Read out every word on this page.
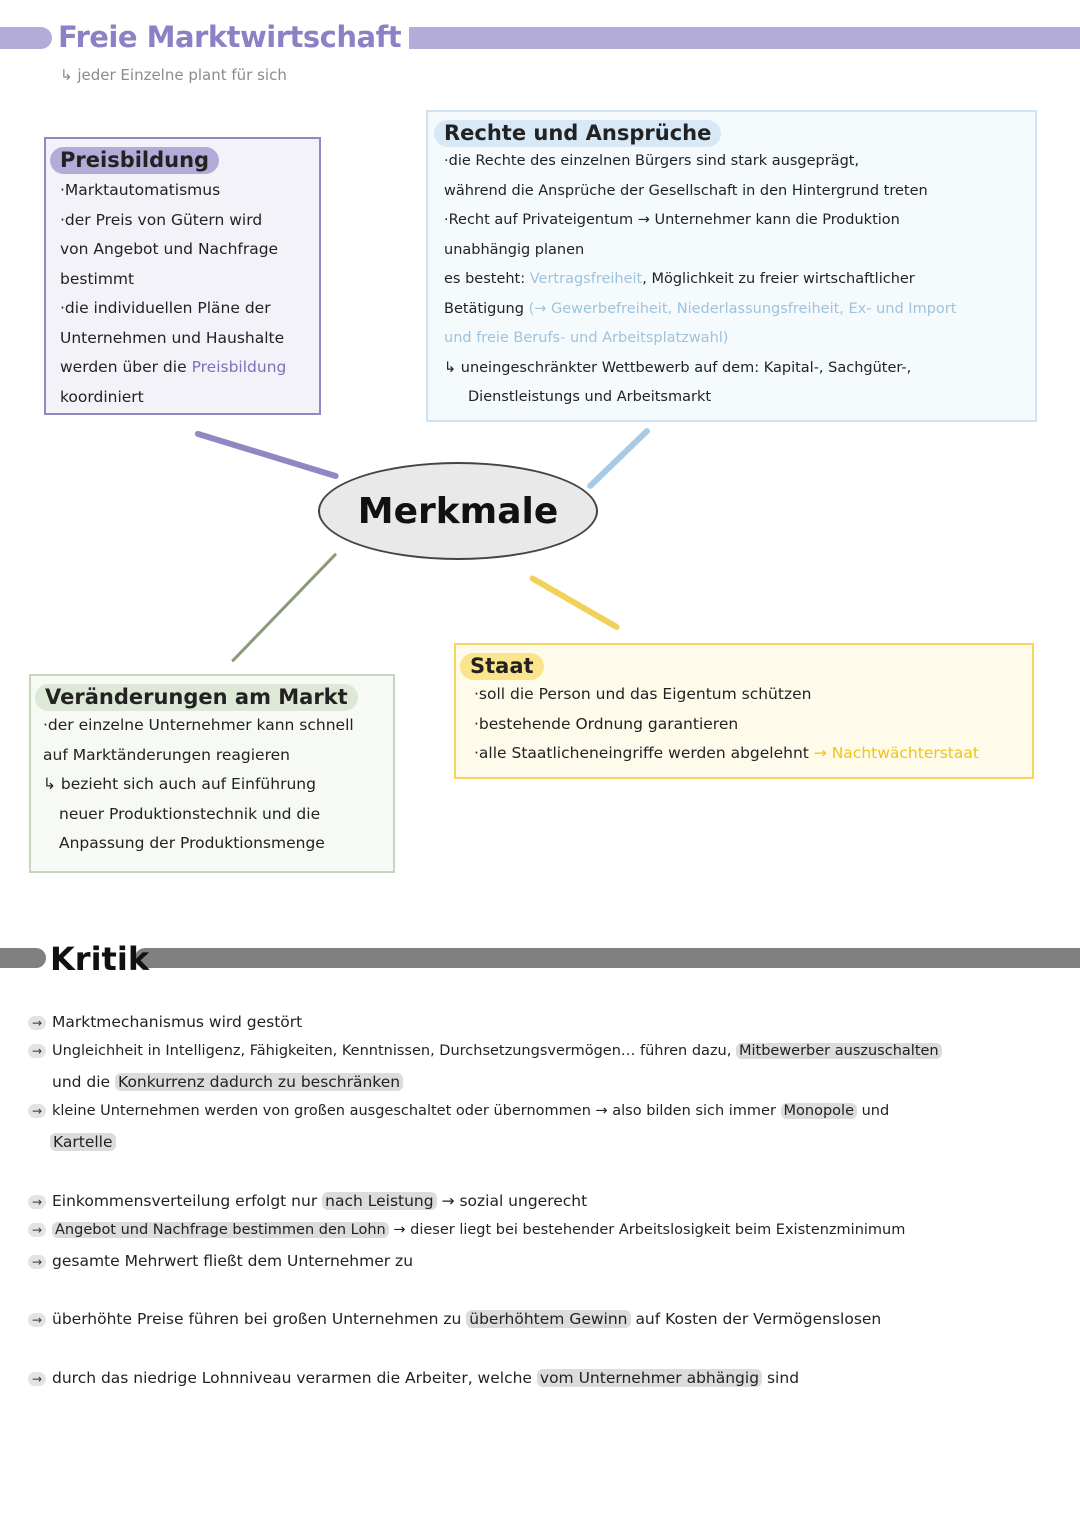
Freie Marktwirtschaft
↳ jeder Einzelne plant für sich
Preisbildung

·Marktautomatismus

·der Preis von Gütern wird

von Angebot und Nachfrage

bestimmt

·die individuellen Pläne der

Unternehmen und Haushalte

werden über die Preisbildung

koordiniert

Rechte und Ansprüche

·die Rechte des einzelnen Bürgers sind stark ausgeprägt,

während die Ansprüche der Gesellschaft in den Hintergrund treten

·Recht auf Privateigentum → Unternehmer kann die Produktion

unabhängig planen

es besteht: Vertragsfreiheit, Möglichkeit zu freier wirtschaftlicher

Betätigung (→ Gewerbefreiheit, Niederlassungsfreiheit, Ex- und Import

und freie Berufs- und Arbeitsplatzwahl)

↳ uneingeschränkter Wettbewerb auf dem: Kapital-, Sachgüter-,

Dienstleistungs und Arbeitsmarkt

Merkmale
Veränderungen am Markt

·der einzelne Unternehmer kann schnell

auf Marktänderungen reagieren

↳ bezieht sich auch auf Einführung

neuer Produktionstechnik und die

Anpassung der Produktionsmenge

Staat

·soll die Person und das Eigentum schützen

·bestehende Ordnung garantieren

·alle Staatlicheneingriffe werden abgelehnt → Nachtwächterstaat

Kritik
→ Marktmechanismus wird gestört
→ Ungleichheit in Intelligenz, Fähigkeiten, Kenntnissen, Durchsetzungsvermögen… führen dazu, Mitbewerber auszuschalten
und die Konkurrenz dadurch zu beschränken
→ kleine Unternehmen werden von großen ausgeschaltet oder übernommen → also bilden sich immer Monopole und
Kartelle
→ Einkommensverteilung erfolgt nur nach Leistung → sozial ungerecht
→ Angebot und Nachfrage bestimmen den Lohn → dieser liegt bei bestehender Arbeitslosigkeit beim Existenzminimum
→ gesamte Mehrwert fließt dem Unternehmer zu
→ überhöhte Preise führen bei großen Unternehmen zu überhöhtem Gewinn auf Kosten der Vermögenslosen
→ durch das niedrige Lohnniveau verarmen die Arbeiter, welche vom Unternehmer abhängig sind
